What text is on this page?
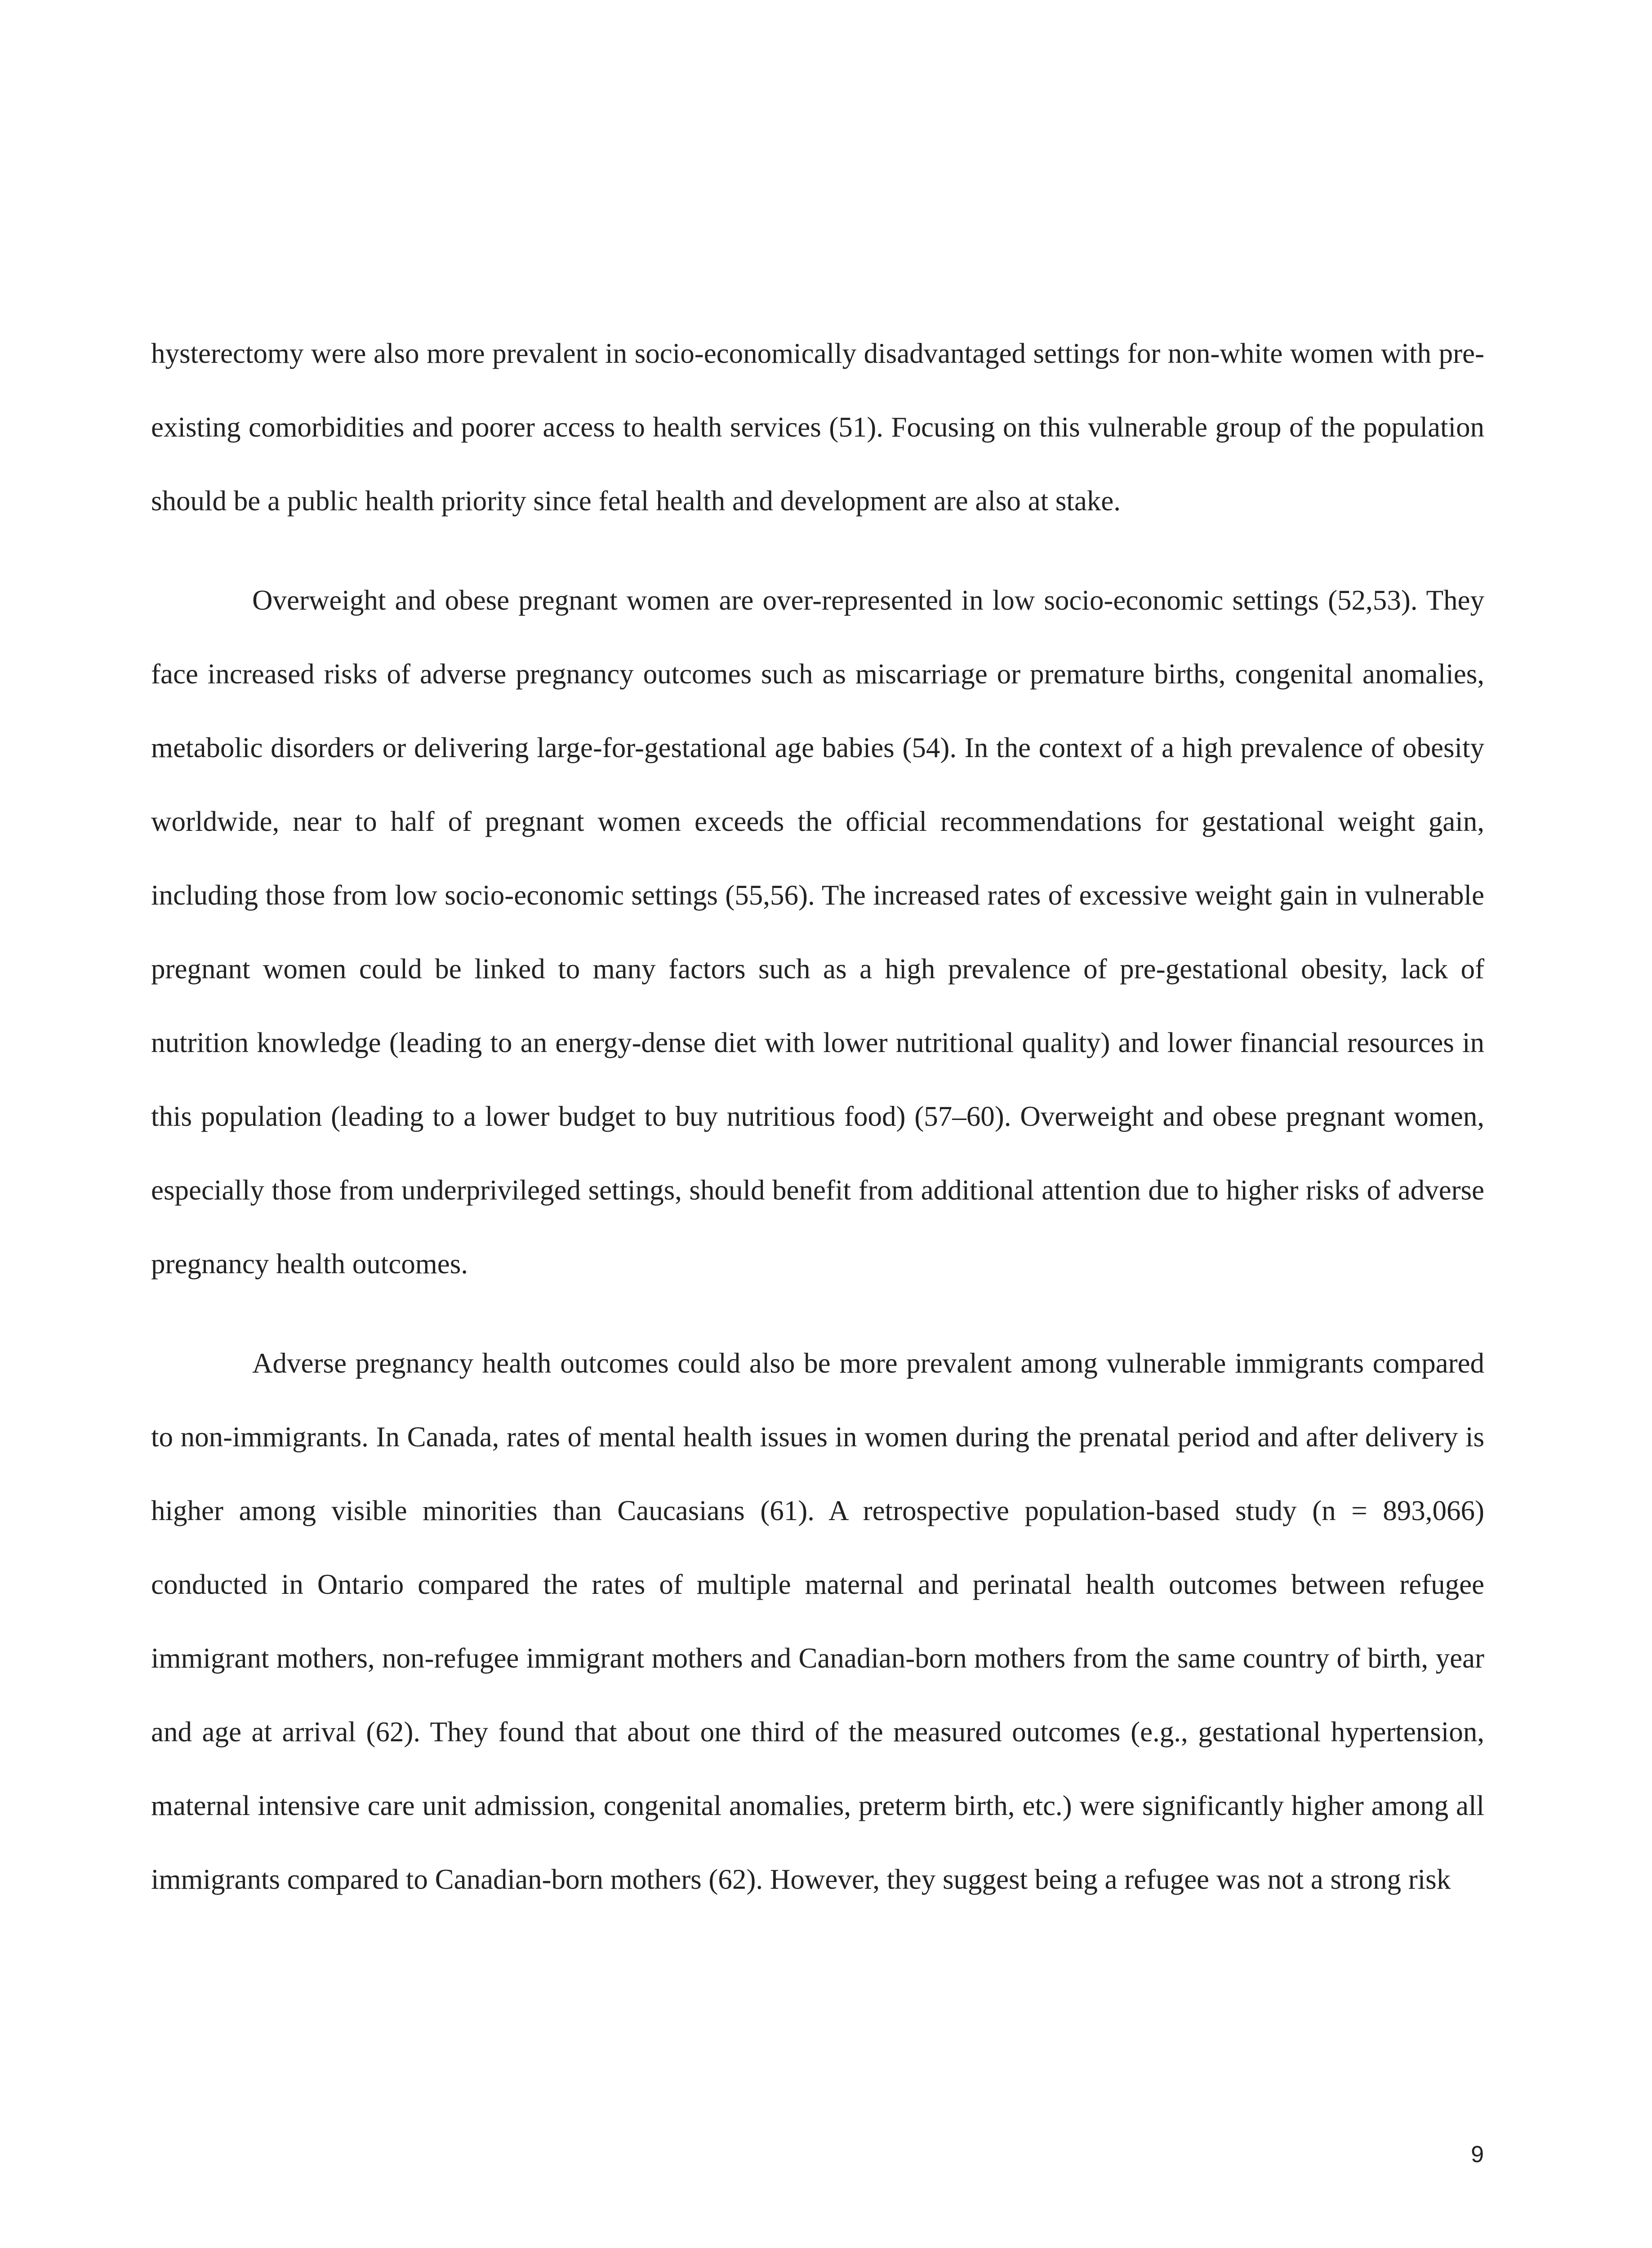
hysterectomy were also more prevalent in socio-economically disadvantaged settings for non-white women with pre-existing comorbidities and poorer access to health services (51). Focusing on this vulnerable group of the population should be a public health priority since fetal health and development are also at stake.

Overweight and obese pregnant women are over-represented in low socio-economic settings (52,53). They face increased risks of adverse pregnancy outcomes such as miscarriage or premature births, congenital anomalies, metabolic disorders or delivering large-for-gestational age babies (54). In the context of a high prevalence of obesity worldwide, near to half of pregnant women exceeds the official recommendations for gestational weight gain, including those from low socio-economic settings (55,56). The increased rates of excessive weight gain in vulnerable pregnant women could be linked to many factors such as a high prevalence of pre-gestational obesity, lack of nutrition knowledge (leading to an energy-dense diet with lower nutritional quality) and lower financial resources in this population (leading to a lower budget to buy nutritious food) (57–60). Overweight and obese pregnant women, especially those from underprivileged settings, should benefit from additional attention due to higher risks of adverse pregnancy health outcomes.

Adverse pregnancy health outcomes could also be more prevalent among vulnerable immigrants compared to non-immigrants. In Canada, rates of mental health issues in women during the prenatal period and after delivery is higher among visible minorities than Caucasians (61). A retrospective population-based study (n = 893,066) conducted in Ontario compared the rates of multiple maternal and perinatal health outcomes between refugee immigrant mothers, non-refugee immigrant mothers and Canadian-born mothers from the same country of birth, year and age at arrival (62). They found that about one third of the measured outcomes (e.g., gestational hypertension, maternal intensive care unit admission, congenital anomalies, preterm birth, etc.) were significantly higher among all immigrants compared to Canadian-born mothers (62). However, they suggest being a refugee was not a strong risk

9
